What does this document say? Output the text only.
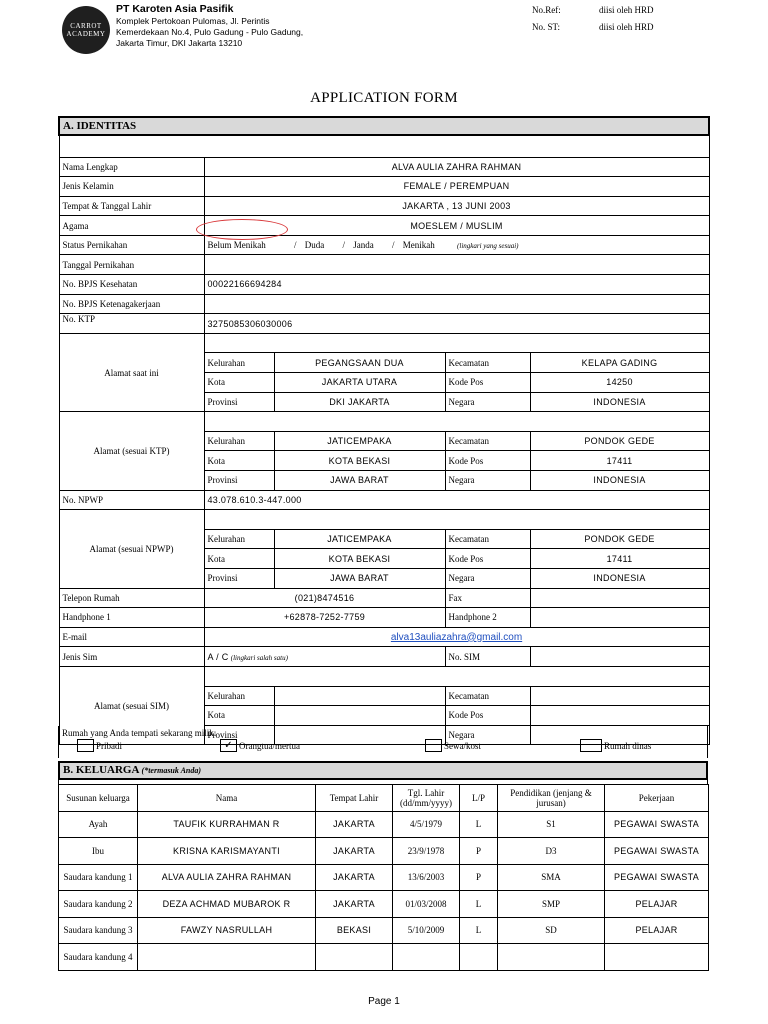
CARROT
ACADEMY
PT Karoten Asia Pasifik
Komplek Pertokoan Pulomas, Jl. Perintis
Kemerdekaan No.4, Pulo Gadung - Pulo Gadung,
Jakarta Timur, DKI Jakarta 13210
No.Ref:	diisi oleh HRD
No. ST:	diisi oleh HRD
APPLICATION FORM
A. IDENTITAS				

Nama Lengkap	ALVA AULIA ZAHRA RAHMAN			
Jenis Kelamin	FEMALE / PEREMPUAN			
Tempat & Tanggal Lahir	JAKARTA , 13 JUNI 2003			
Agama	MOESLEM / MUSLIM			
Status Pernikahan	Belum Menikah / Duda / Janda / Menikah (lingkari yang sesuai)			
Tanggal Pernikahan				
No. BPJS Kesehatan	00022166694284			
No. BPJS Ketenagakerjaan				
No. KTP	3275085306030006			
Alamat saat ini				
	Kelurahan	PEGANGSAAN DUA	Kecamatan	KELAPA GADING
	Kota	JAKARTA UTARA	Kode Pos	14250
	Provinsi	DKI JAKARTA	Negara	INDONESIA
Alamat (sesuai KTP)				
	Kelurahan	JATICEMPAKA	Kecamatan	PONDOK GEDE
	Kota	KOTA BEKASI	Kode Pos	17411
	Provinsi	JAWA BARAT	Negara	INDONESIA
No. NPWP	43.078.610.3-447.000			
Alamat (sesuai NPWP)				
	Kelurahan	JATICEMPAKA	Kecamatan	PONDOK GEDE
	Kota	KOTA BEKASI	Kode Pos	17411
	Provinsi	JAWA BARAT	Negara	INDONESIA
Telepon Rumah	(021)8474516		Fax	
Handphone 1	+62878-7252-7759		Handphone 2	
E-mail	alva13auliazahra@gmail.com			
Jenis Sim	A / C (lingkari salah satu)		No. SIM	
Alamat (sesuai SIM)				
	Kelurahan		Kecamatan	
	Kota		Kode Pos	
	Provinsi		Negara	
Rumah yang Anda tempati sekarang milik:
Pribadi	✓ Orangtua/mertua	Sewa/kost	Rumah dinas
B. KELUARGA (*termasuk Anda)
Susunan keluarga	Nama	Tempat Lahir	Tgl. Lahir (dd/mm/yyyy)	L/P	Pendidikan (jenjang & jurusan)	Pekerjaan
Ayah	TAUFIK KURRAHMAN R	JAKARTA	4/5/1979	L	S1	PEGAWAI SWASTA
Ibu	KRISNA KARISMAYANTI	JAKARTA	23/9/1978	P	D3	PEGAWAI SWASTA
Saudara kandung 1	ALVA AULIA ZAHRA RAHMAN	JAKARTA	13/6/2003	P	SMA	PEGAWAI SWASTA
Saudara kandung 2	DEZA ACHMAD MUBAROK R	JAKARTA	01/03/2008	L	SMP	PELAJAR
Saudara kandung 3	FAWZY NASRULLAH	BEKASI	5/10/2009	L	SD	PELAJAR
Saudara kandung 4						
Page 1
